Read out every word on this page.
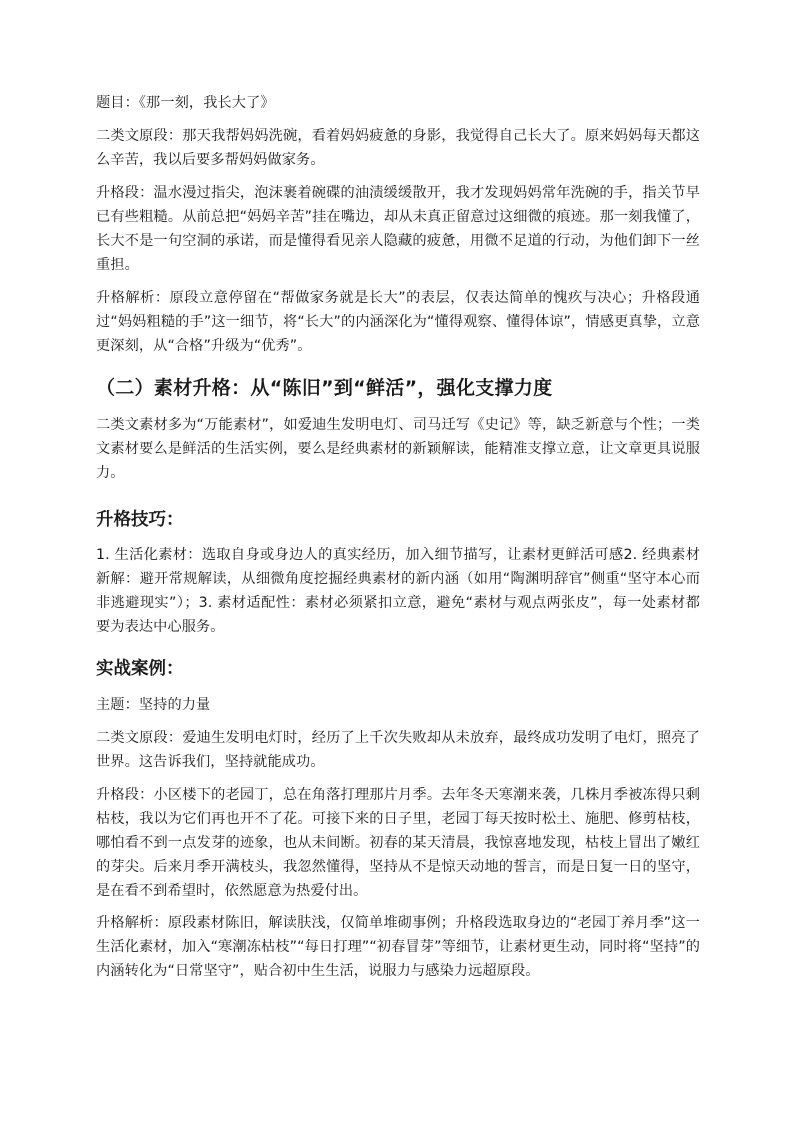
题目：《那一刻，我长大了》

二类文原段：那天我帮妈妈洗碗，看着妈妈疲惫的身影，我觉得自己长大了。原来妈妈每天都这么辛苦，我以后要多帮妈妈做家务。

升格段：温水漫过指尖，泡沫裹着碗碟的油渍缓缓散开，我才发现妈妈常年洗碗的手，指关节早已有些粗糙。从前总把“妈妈辛苦”挂在嘴边，却从未真正留意过这细微的痕迹。那一刻我懂了，长大不是一句空洞的承诺，而是懂得看见亲人隐藏的疲惫，用微不足道的行动，为他们卸下一丝重担。

升格解析：原段立意停留在“帮做家务就是长大”的表层，仅表达简单的愧疚与决心；升格段通过“妈妈粗糙的手”这一细节，将“长大”的内涵深化为“懂得观察、懂得体谅”，情感更真挚，立意更深刻，从“合格”升级为“优秀”。

（二）素材升格：从“陈旧”到“鲜活”，强化支撑力度

二类文素材多为“万能素材”，如爱迪生发明电灯、司马迁写《史记》等，缺乏新意与个性；一类文素材要么是鲜活的生活实例，要么是经典素材的新颖解读，能精准支撑立意，让文章更具说服力。

升格技巧：

1. 生活化素材：选取自身或身边人的真实经历，加入细节描写，让素材更鲜活可感2. 经典素材新解：避开常规解读，从细微角度挖掘经典素材的新内涵（如用“陶渊明辞官”侧重“坚守本心而非逃避现实”）；3. 素材适配性：素材必须紧扣立意，避免“素材与观点两张皮”，每一处素材都要为表达中心服务。

实战案例：

主题：坚持的力量

二类文原段：爱迪生发明电灯时，经历了上千次失败却从未放弃，最终成功发明了电灯，照亮了世界。这告诉我们，坚持就能成功。

升格段：小区楼下的老园丁，总在角落打理那片月季。去年冬天寒潮来袭，几株月季被冻得只剩枯枝，我以为它们再也开不了花。可接下来的日子里，老园丁每天按时松土、施肥、修剪枯枝，哪怕看不到一点发芽的迹象，也从未间断。初春的某天清晨，我惊喜地发现，枯枝上冒出了嫩红的芽尖。后来月季开满枝头，我忽然懂得，坚持从不是惊天动地的誓言，而是日复一日的坚守，是在看不到希望时，依然愿意为热爱付出。

升格解析：原段素材陈旧，解读肤浅，仅简单堆砌事例；升格段选取身边的“老园丁养月季”这一生活化素材，加入“寒潮冻枯枝”“每日打理”“初春冒芽”等细节，让素材更生动，同时将“坚持”的内涵转化为“日常坚守”，贴合初中生生活，说服力与感染力远超原段。
